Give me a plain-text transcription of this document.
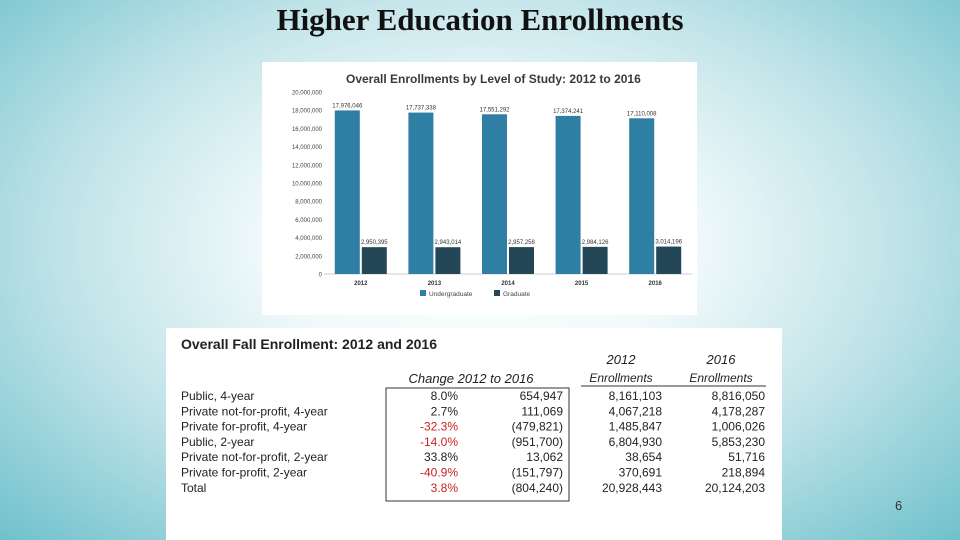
Higher Education Enrollments
Overall Enrollments by Level of Study: 2012 to 2016
0
2,000,000
4,000,000
6,000,000
8,000,000
10,000,000
12,000,000
14,000,000
16,000,000
18,000,000
20,000,000
2012
17,976,046
2,950,395
2013
17,737,338
2,943,014
2014
17,551,292
2,957,258
2015
17,374,241
2,984,126
2016
17,110,008
3,014,196
Undergraduate	Graduate
Overall Fall Enrollment: 2012 and 2016
Change 2012 to 2016
2012
Enrollments
2016
Enrollments
Public, 4-year	8.0%	654,947	8,161,103	8,816,050
Private not-for-profit, 4-year	2.7%	111,069	4,067,218	4,178,287
Private for-profit, 4-year	-32.3%	(479,821)	1,485,847	1,006,026
Public, 2-year	-14.0%	(951,700)	6,804,930	5,853,230
Private not-for-profit, 2-year	33.8%	13,062	38,654	51,716
Private for-profit, 2-year	-40.9%	(151,797)	370,691	218,894
Total	3.8%	(804,240)	20,928,443	20,124,203
6
